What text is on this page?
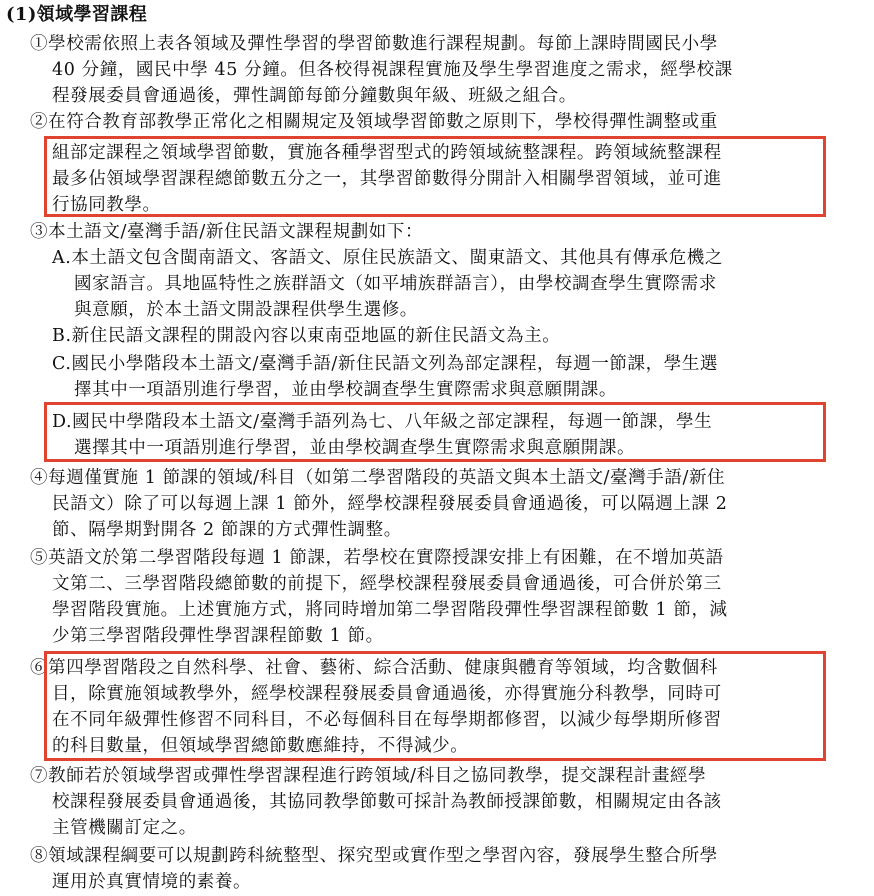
(1)領域學習課程
①學校需依照上表各領域及彈性學習的學習節數進行課程規劃。每節上課時間國民小學
40 分鐘，國民中學 45 分鐘。但各校得視課程實施及學生學習進度之需求，經學校課
程發展委員會通過後，彈性調節每節分鐘數與年級、班級之組合。
②在符合教育部教學正常化之相關規定及領域學習節數之原則下，學校得彈性調整或重
組部定課程之領域學習節數，實施各種學習型式的跨領域統整課程。跨領域統整課程
最多佔領域學習課程總節數五分之一，其學習節數得分開計入相關學習領域，並可進
行協同教學。
③本土語文/臺灣手語/新住民語文課程規劃如下：
A.本土語文包含閩南語文、客語文、原住民族語文、閩東語文、其他具有傳承危機之
國家語言。具地區特性之族群語文（如平埔族群語言），由學校調查學生實際需求
與意願，於本土語文開設課程供學生選修。
B.新住民語文課程的開設內容以東南亞地區的新住民語文為主。
C.國民小學階段本土語文/臺灣手語/新住民語文列為部定課程，每週一節課，學生選
擇其中一項語別進行學習，並由學校調查學生實際需求與意願開課。
D.國民中學階段本土語文/臺灣手語列為七、八年級之部定課程，每週一節課，學生
選擇其中一項語別進行學習，並由學校調查學生實際需求與意願開課。
④每週僅實施 1 節課的領域/科目（如第二學習階段的英語文與本土語文/臺灣手語/新住
民語文）除了可以每週上課 1 節外，經學校課程發展委員會通過後，可以隔週上課 2
節、隔學期對開各 2 節課的方式彈性調整。
⑤英語文於第二學習階段每週 1 節課，若學校在實際授課安排上有困難，在不增加英語
文第二、三學習階段總節數的前提下，經學校課程發展委員會通過後，可合併於第三
學習階段實施。上述實施方式，將同時增加第二學習階段彈性學習課程節數 1 節，減
少第三學習階段彈性學習課程節數 1 節。
⑥第四學習階段之自然科學、社會、藝術、綜合活動、健康與體育等領域，均含數個科
目，除實施領域教學外，經學校課程發展委員會通過後，亦得實施分科教學，同時可
在不同年級彈性修習不同科目，不必每個科目在每學期都修習，以減少每學期所修習
的科目數量，但領域學習總節數應維持，不得減少。
⑦教師若於領域學習或彈性學習課程進行跨領域/科目之協同教學，提交課程計畫經學
校課程發展委員會通過後，其協同教學節數可採計為教師授課節數，相關規定由各該
主管機關訂定之。
⑧領域課程綱要可以規劃跨科統整型、探究型或實作型之學習內容，發展學生整合所學
運用於真實情境的素養。
